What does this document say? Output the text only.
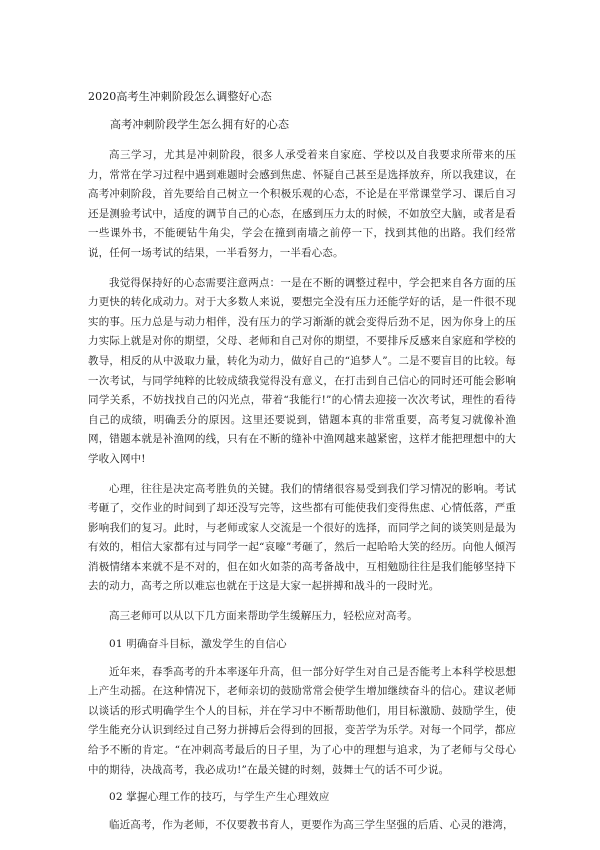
2020高考生冲刺阶段怎么调整好心态
高考冲刺阶段学生怎么拥有好的心态

高三学习，尤其是冲刺阶段，很多人承受着来自家庭、学校以及自我要求所带来的压力，常常在学习过程中遇到难题时会感到焦虑、怀疑自己甚至是选择放弃，所以我建议，在高考冲刺阶段，首先要给自己树立一个积极乐观的心态，不论是在平常课堂学习、课后自习还是测验考试中，适度的调节自己的心态，在感到压力太的时候，不如放空大脑，或者是看一些课外书，不能硬钻牛角尖，学会在撞到南墙之前停一下，找到其他的出路。我们经常说，任何一场考试的结果，一半看努力，一半看心态。

我觉得保持好的心态需要注意两点：一是在不断的调整过程中，学会把来自各方面的压力更快的转化成动力。对于大多数人来说，要想完全没有压力还能学好的话，是一件很不现实的事。压力总是与动力相伴，没有压力的学习渐渐的就会变得后劲不足，因为你身上的压力实际上就是对你的期望，父母、老师和自己对你的期望，不要排斥反感来自家庭和学校的教导，相反的从中汲取力量，转化为动力，做好自己的“追梦人”。二是不要盲目的比较。每一次考试，与同学纯粹的比较成绩我觉得没有意义，在打击到自己信心的同时还可能会影响同学关系，不妨找找自己的闪光点，带着“我能行!”的心情去迎接一次次考试，理性的看待自己的成绩，明确丢分的原因。这里还要说到，错题本真的非常重要，高考复习就像补渔网，错题本就是补渔网的线，只有在不断的缝补中渔网越来越紧密，这样才能把理想中的大学收入网中!

心理，往往是决定高考胜负的关键。我们的情绪很容易受到我们学习情况的影响。考试考砸了，交作业的时间到了却还没写完等，这些都有可能使我们变得焦虑、心情低落，严重影响我们的复习。此时，与老师或家人交流是一个很好的选择，而同学之间的谈笑则是最为有效的，相信大家都有过与同学一起“哀嚎”考砸了，然后一起哈哈大笑的经历。向他人倾泻消极情绪本来就不是不对的，但在如火如荼的高考备战中，互相勉励往往是我们能够坚持下去的动力，高考之所以难忘也就在于这是大家一起拼搏和战斗的一段时光。

高三老师可以从以下几方面来帮助学生缓解压力，轻松应对高考。

01 明确奋斗目标，激发学生的自信心

近年来，春季高考的升本率逐年升高，但一部分好学生对自己是否能考上本科学校思想上产生动摇。在这种情况下，老师亲切的鼓励常常会使学生增加继续奋斗的信心。建议老师以谈话的形式明确学生个人的目标，并在学习中不断帮助他们，用目标激励、鼓励学生，使学生能充分认识到经过自己努力拼搏后会得到的回报，变苦学为乐学。对每一个同学，都应给予不断的肯定。“在冲刺高考最后的日子里，为了心中的理想与追求，为了老师与父母心中的期待，决战高考，我必成功!”在最关键的时刻，鼓舞士气的话不可少说。

02 掌握心理工作的技巧，与学生产生心理效应

临近高考，作为老师，不仅要教书育人，更要作为高三学生坚强的后盾、心灵的港湾，
